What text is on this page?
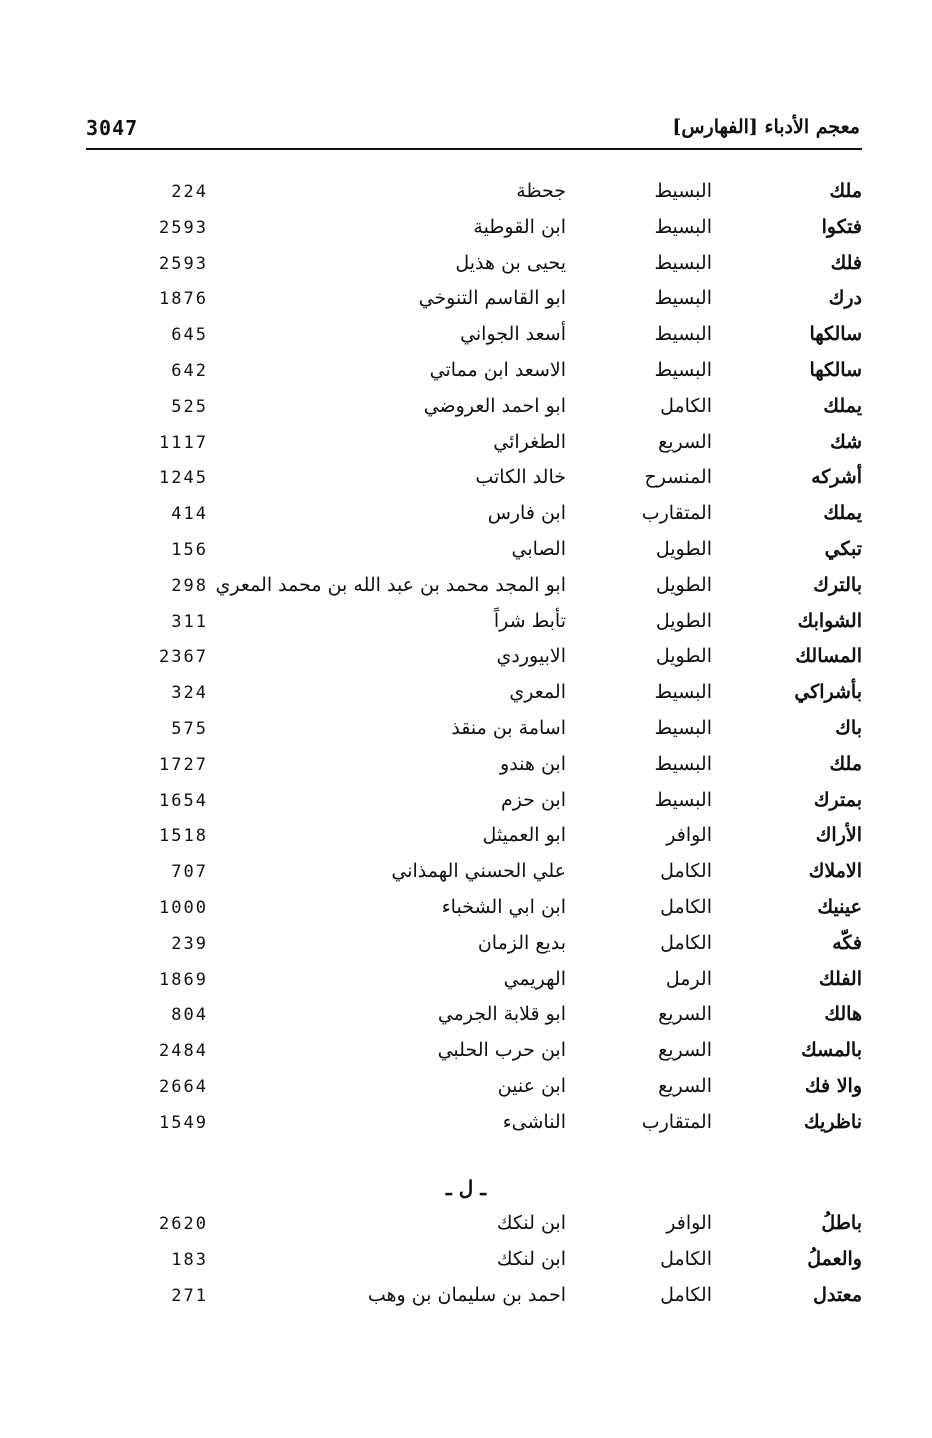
3047	معجم الأدباء [الفهارس]
224	جحظة	البسيط	ملك
2593	ابن القوطية	البسيط	فتكوا
2593	يحيى بن هذيل	البسيط	فلك
1876	ابو القاسم التنوخي	البسيط	درك
645	أسعد الجواني	البسيط	سالكها
642	الاسعد ابن مماتي	البسيط	سالكها
525	ابو احمد العروضي	الكامل	يملك
1117	الطغرائي	السريع	شك
1245	خالد الكاتب	المنسرح	أشركه
414	ابن فارس	المتقارب	يملك
156	الصابي	الطويل	تبكي
298 ابو المجد محمد بن عبد الله بن محمد المعري	الطويل	بالترك
311	تأبط شراً	الطويل	الشوابك
2367	الابيوردي	الطويل	المسالك
324	المعري	البسيط	بأشراكي
575	اسامة بن منقذ	البسيط	باك
1727	ابن هندو	البسيط	ملك
1654	ابن حزم	البسيط	بمترك
1518	ابو العميثل	الوافر	الأراك
707	علي الحسني الهمذاني	الكامل	الاملاك
1000	ابن ابي الشخباء	الكامل	عينيك
239	بديع الزمان	الكامل	فكّه
1869	الهريمي	الرمل	الفلك
804	ابو قلابة الجرمي	السريع	هالك
2484	ابن حرب الحلبي	السريع	بالمسك
2664	ابن عنين	السريع	والا فك
1549	الناشىء	المتقارب	ناظريك
ـ ل ـ
2620	ابن لنكك	الوافر	باطلُ
183	ابن لنكك	الكامل	والعملُ
271	احمد بن سليمان بن وهب	الكامل	معتدل
